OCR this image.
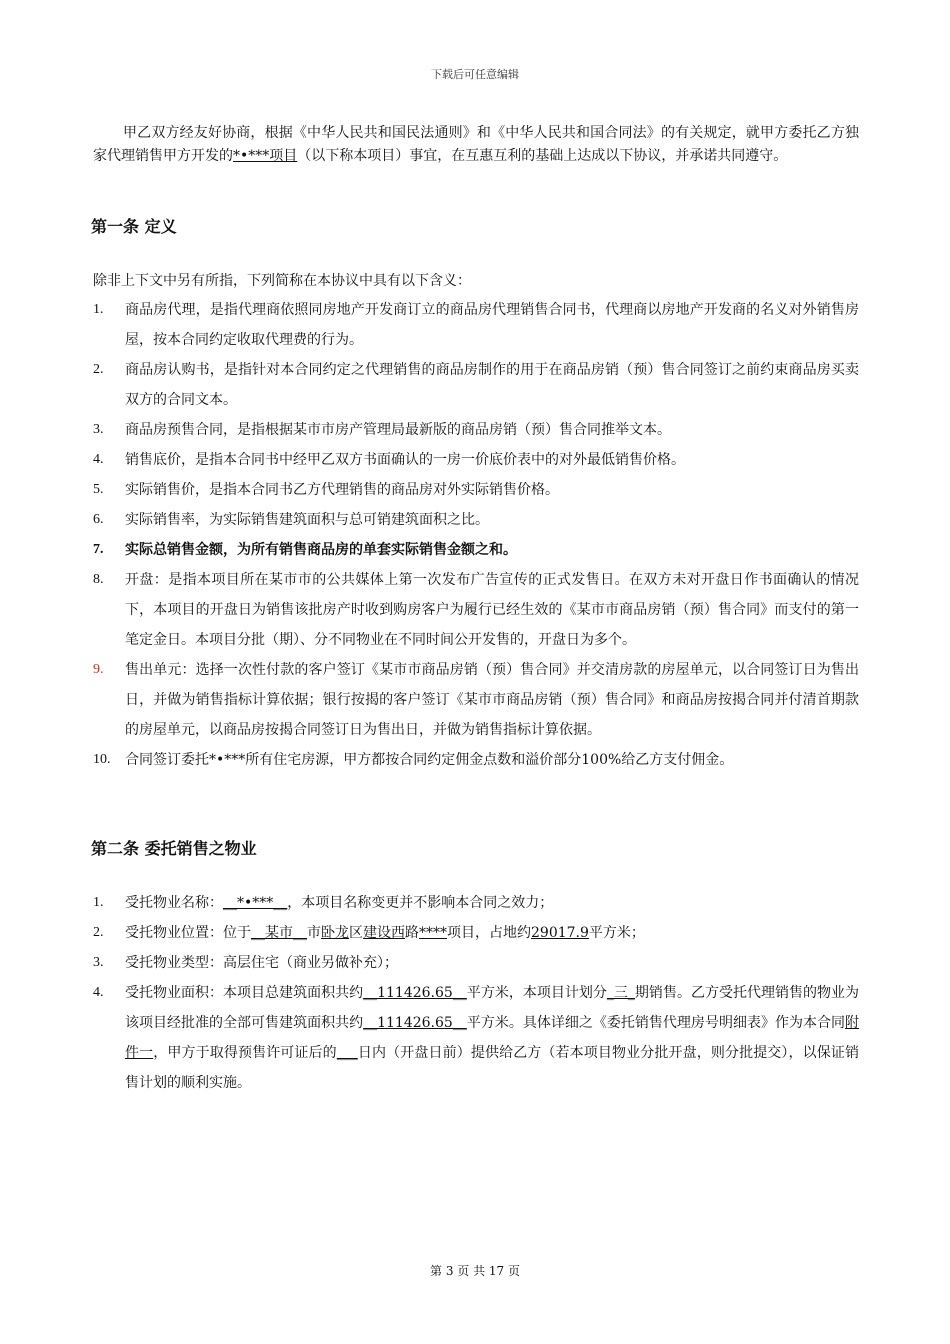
下载后可任意编辑
甲乙双方经友好协商，根据《中华人民共和国民法通则》和《中华人民共和国合同法》的有关规定，就甲方委托乙方独家代理销售甲方开发的*•***项目（以下称本项目）事宜，在互惠互利的基础上达成以下协议，并承诺共同遵守。
第一条 定义
除非上下文中另有所指，下列简称在本协议中具有以下含义：
1. 商品房代理，是指代理商依照同房地产开发商订立的商品房代理销售合同书，代理商以房地产开发商的名义对外销售房屋，按本合同约定收取代理费的行为。
2. 商品房认购书，是指针对本合同约定之代理销售的商品房制作的用于在商品房销（预）售合同签订之前约束商品房买卖双方的合同文本。
3. 商品房预售合同，是指根据某市市房产管理局最新版的商品房销（预）售合同推举文本。
4. 销售底价，是指本合同书中经甲乙双方书面确认的一房一价底价表中的对外最低销售价格。
5. 实际销售价，是指本合同书乙方代理销售的商品房对外实际销售价格。
6. 实际销售率，为实际销售建筑面积与总可销建筑面积之比。
7. 实际总销售金额，为所有销售商品房的单套实际销售金额之和。
8. 开盘：是指本项目所在某市市的公共媒体上第一次发布广告宣传的正式发售日。在双方未对开盘日作书面确认的情况下，本项目的开盘日为销售该批房产时收到购房客户为履行已经生效的《某市市商品房销（预）售合同》而支付的第一笔定金日。本项目分批（期）、分不同物业在不同时间公开发售的，开盘日为多个。
9. 售出单元：选择一次性付款的客户签订《某市市商品房销（预）售合同》并交清房款的房屋单元，以合同签订日为售出日，并做为销售指标计算依据；银行按揭的客户签订《某市市商品房销（预）售合同》和商品房按揭合同并付清首期款的房屋单元，以商品房按揭合同签订日为售出日，并做为销售指标计算依据。
10. 合同签订委托*•***所有住宅房源，甲方都按合同约定佣金点数和溢价部分100%给乙方支付佣金。
第二条 委托销售之物业
1. 受托物业名称：__*•***__，本项目名称变更并不影响本合同之效力；
2. 受托物业位置：位于__某市__市卧龙区建设西路****项目，占地约29017.9平方米；
3. 受托物业类型：高层住宅（商业另做补充）；
4. 受托物业面积：本项目总建筑面积共约__111426.65__平方米，本项目计划分_三_期销售。乙方受托代理销售的物业为该项目经批准的全部可售建筑面积共约__111426.65__平方米。具体详细之《委托销售代理房号明细表》作为本合同附件一，甲方于取得预售许可证后的___日内（开盘日前）提供给乙方（若本项目物业分批开盘，则分批提交），以保证销售计划的顺利实施。
第 3 页 共 17 页
